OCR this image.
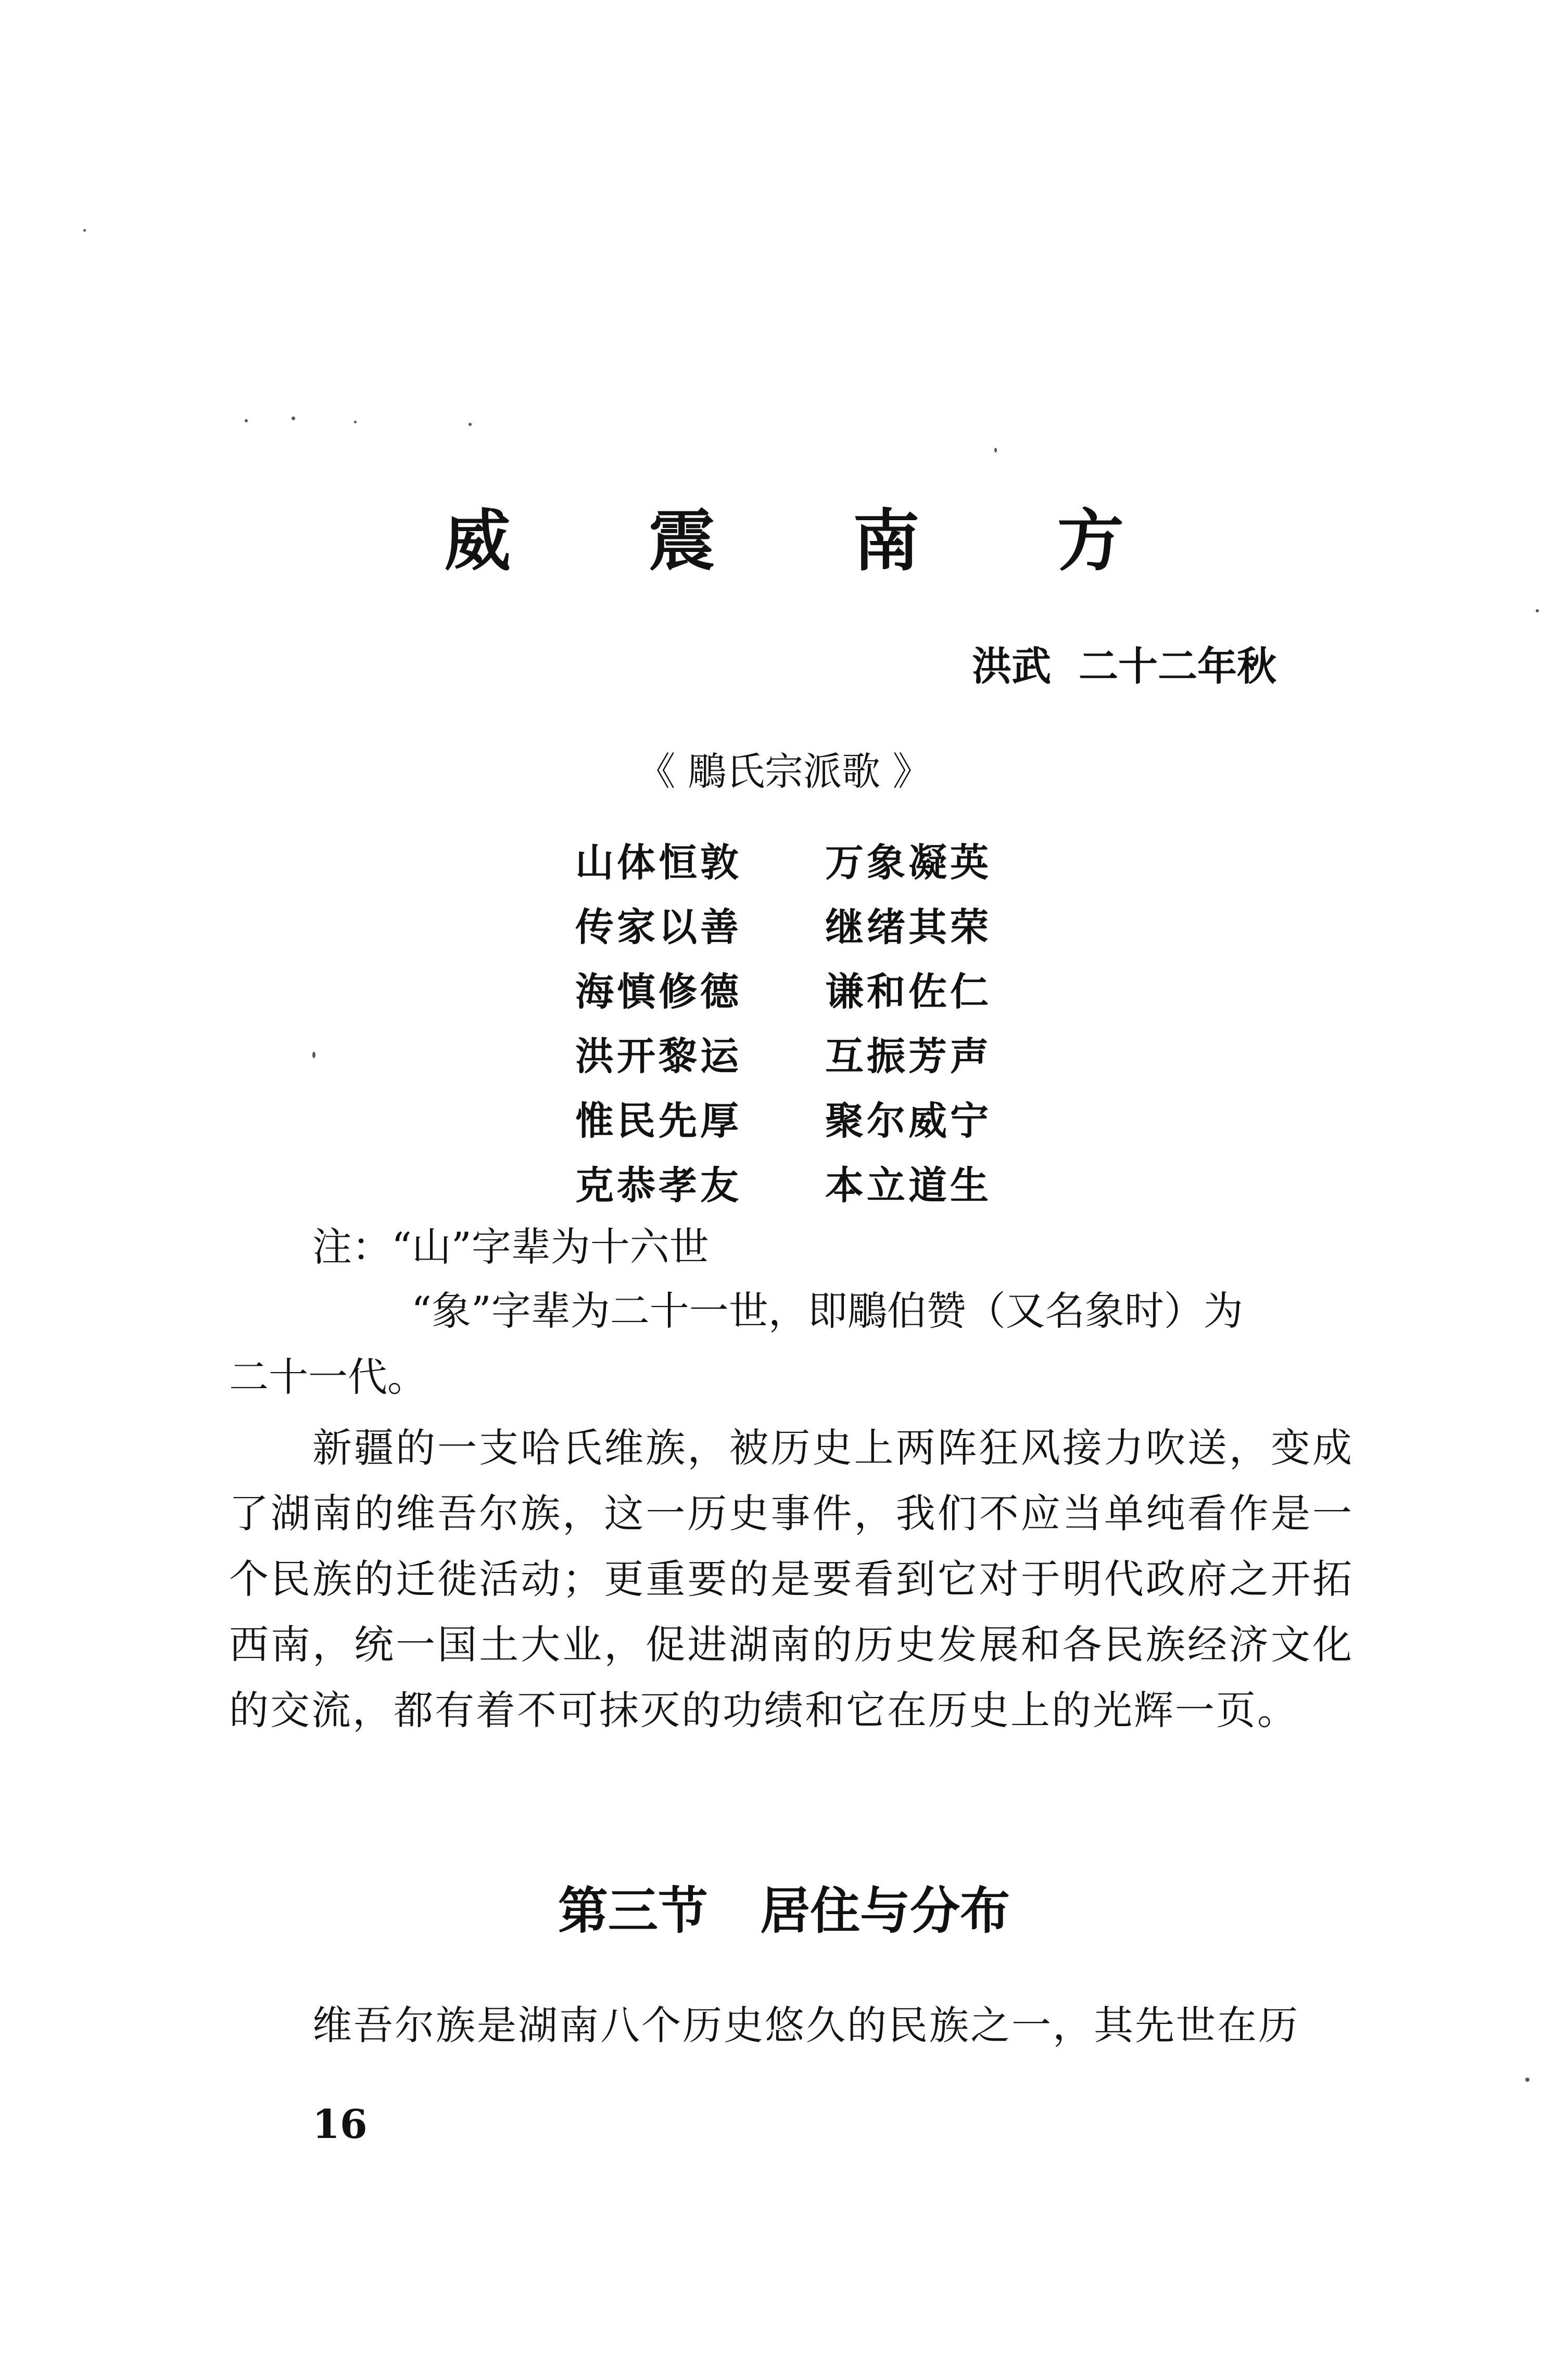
威 震 南 方
洪武  二十二年秋
《 鵰氏宗派歌 》
山体恒敦	万象凝英
传家以善	继绪其荣
海慎修德	谦和佐仁
洪开黎运	互振芳声
惟民先厚	聚尔威宁
克恭孝友	本立道生
注：“山”字辈为十六世
“象”字辈为二十一世，即鵰伯赞（又名象时）为
二十一代。
新疆的一支哈氏维族，被历史上两阵狂风接力吹送，变成了湖南的维吾尔族，这一历史事件，我们不应当单纯看作是一个民族的迁徙活动；更重要的是要看到它对于明代政府之开拓西南，统一国土大业，促进湖南的历史发展和各民族经济文化的交流，都有着不可抹灭的功绩和它在历史上的光辉一页。
第三节   居住与分布
维吾尔族是湖南八个历史悠久的民族之一，其先世在历
16
